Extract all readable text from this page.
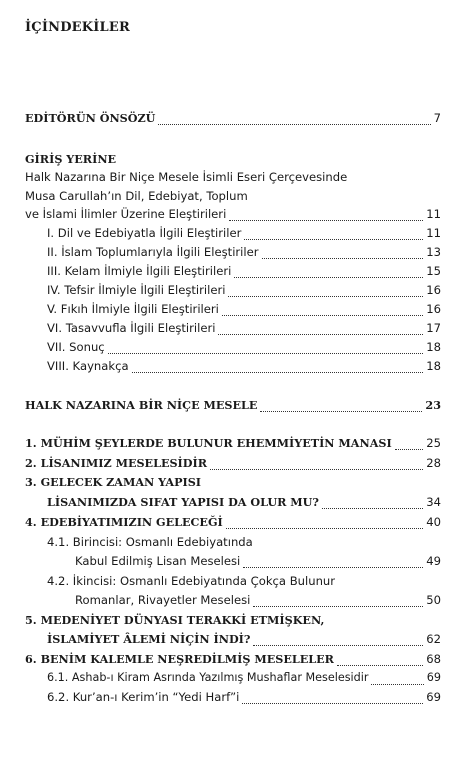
İÇİNDEKİLER
EDİTÖRÜN ÖNSÖZÜ	7
GİRİŞ YERİNE
Halk Nazarına Bir Niçe Mesele İsimli Eseri Çerçevesinde
Musa Carullah’ın Dil, Edebiyat, Toplum
ve İslami İlimler Üzerine Eleştirileri	11
I. Dil ve Edebiyatla İlgili Eleştiriler	11
II. İslam Toplumlarıyla İlgili Eleştiriler	13
III. Kelam İlmiyle İlgili Eleştirileri	15
IV. Tefsir İlmiyle İlgili Eleştirileri	16
V. Fıkıh İlmiyle İlgili Eleştirileri	16
VI. Tasavvufla İlgili Eleştirileri	17
VII. Sonuç	18
VIII. Kaynakça	18
HALK NAZARINA BİR NİÇE MESELE	23
1. MÜHİM ŞEYLERDE BULUNUR EHEMMİYETİN MANASI	25
2. LİSANIMIZ MESELESİDİR	28
3. GELECEK ZAMAN YAPISI
LİSANIMIZDA SIFAT YAPISI DA OLUR MU?	34
4. EDEBİYATIMIZIN GELECEĞİ	40
4.1. Birincisi: Osmanlı Edebiyatında
Kabul Edilmiş Lisan Meselesi	49
4.2. İkincisi: Osmanlı Edebiyatında Çokça Bulunur
Romanlar, Rivayetler Meselesi	50
5. MEDENİYET DÜNYASI TERAKKİ ETMİŞKEN,
İSLAMİYET ÂLEMİ NİÇİN İNDİ?	62
6. BENİM KALEMLE NEŞREDİLMİŞ MESELELER	68
6.1. Ashab-ı Kiram Asrında Yazılmış Mushaflar Meselesidir	69
6.2. Kur’an-ı Kerim’in “Yedi Harf”i	69
